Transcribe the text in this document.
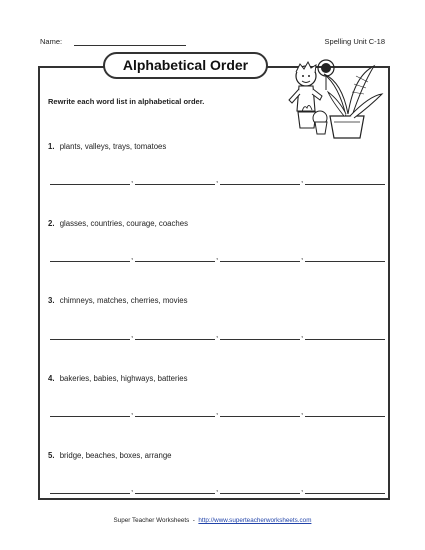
Name:	Spelling Unit C-18
Alphabetical Order
Rewrite each word list in alphabetical order.
1. plants, valleys, trays, tomatoes
,	,	,
2. glasses, countries, courage, coaches
,	,	,
3. chimneys, matches, cherries, movies
,	,	,
4. bakeries, babies, highways, batteries
,	,	,
5. bridge, beaches, boxes, arrange
,	,	,
Super Teacher Worksheets - http://www.superteacherworksheets.com
